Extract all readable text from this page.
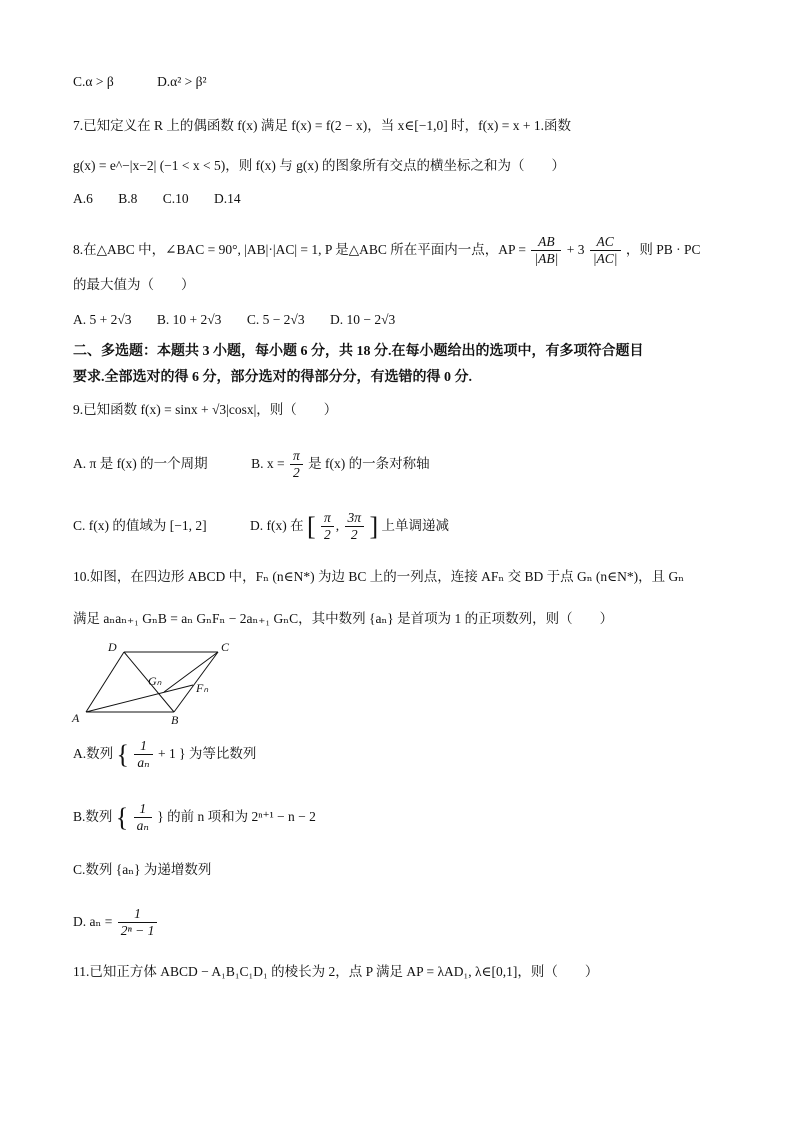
C.α > β	D.α² > β²
7.已知定义在 R 上的偶函数 f(x) 满足 f(x) = f(2 − x)，当 x∈[−1,0] 时，f(x) = x + 1.函数
g(x) = e^−|x−2| (−1 < x < 5)，则 f(x) 与 g(x) 的图象所有交点的横坐标之和为（　　）
A.6 B.8 C.10 D.14
8.在△ABC 中，∠BAC = 90°, |AB|·|AC| = 1, P 是△ABC 所在平面内一点，AP = $\frac{AB}{|AB|} + 3 \frac{AC}{|AC|}$ ，则 PB · PC
的最大值为（　　）
A. 5 + 2√3 B. 10 + 2√3 C. 5 − 2√3 D. 10 − 2√3
二、多选题：本题共 3 小题，每小题 6 分，共 18 分.在每小题给出的选项中，有多项符合题目
要求.全部选对的得 6 分，部分选对的得部分分，有选错的得 0 分.
9.已知函数 f(x) = sinx + √3|cosx|，则（　　）
A. π 是 f(x) 的一个周期	B. $x = \frac{\pi}{2}$ 是 f(x) 的一条对称轴
C. f(x) 的值域为 [−1, 2]	D. f(x) 在 [ $\frac{\pi}{2}$ , $\frac{3\pi}{2}$ ] 上单调递减
10.如图，在四边形 ABCD 中，Fₙ (n∈N*) 为边 BC 上的一列点，连接 AFₙ 交 BD 于点 Gₙ (n∈N*)，且 Gₙ
满足 aₙaₙ₊₁ GₙB = aₙ GₙFₙ − 2aₙ₊₁ GₙC，其中数列 {aₙ} 是首项为 1 的正项数列，则（　　）
D	C
Gₙ	Fₙ
A	B
A.数列 { $\frac{1}{\text{aₙ}} + 1$ } 为等比数列
B.数列 { $\frac{1}{\text{aₙ}}$ } 的前 n 项和为 2ⁿ⁺¹ − n − 2
C.数列 {aₙ} 为递增数列
D. $a_n = \frac{1}{\text{2ⁿ − 1}}$
11.已知正方体 ABCD − A₁B₁C₁D₁ 的棱长为 2，点 P 满足 AP = λAD₁, λ∈[0,1]，则（　　）
